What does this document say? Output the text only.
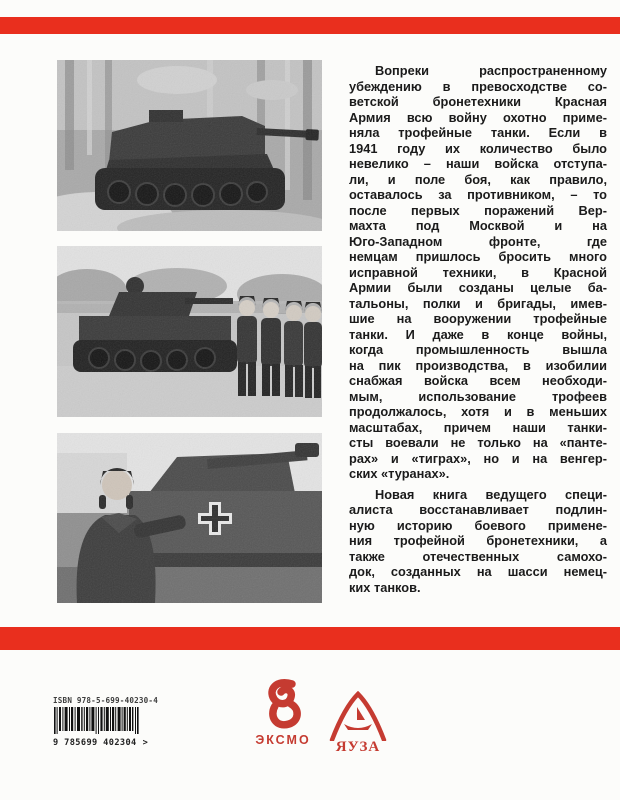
Вопреки распространенному
убеждению в превосходстве со-
ветской бронетехники Красная
Армия всю войну охотно приме-
няла трофейные танки. Если в
1941 году их количество было
невелико – наши войска отступа-
ли, и поле боя, как правило,
оставалось за противником, – то
после первых поражений Вер-
махта под Москвой и на
Юго-Западном фронте, где
немцам пришлось бросить много
исправной техники, в Красной
Армии были созданы целые ба-
тальоны, полки и бригады, имев-
шие на вооружении трофейные
танки. И даже в конце войны,
когда промышленность вышла
на пик производства, в изобилии
снабжая войска всем необходи-
мым, использование трофеев
продолжалось, хотя и в меньших
масштабах, причем наши танки-
сты воевали не только на «панте-
рах» и «тиграх», но и на венгер-
ских «туранах».
Новая книга ведущего специ-
алиста восстанавливает подлин-
ную историю боевого примене-
ния трофейной бронетехники, а
также отечественных самохо-
док, созданных на шасси немец-
ких танков.
ISBN 978-5-699-40230-4
9 785699 402304 >	ЭКСМО	ЯУЗА
